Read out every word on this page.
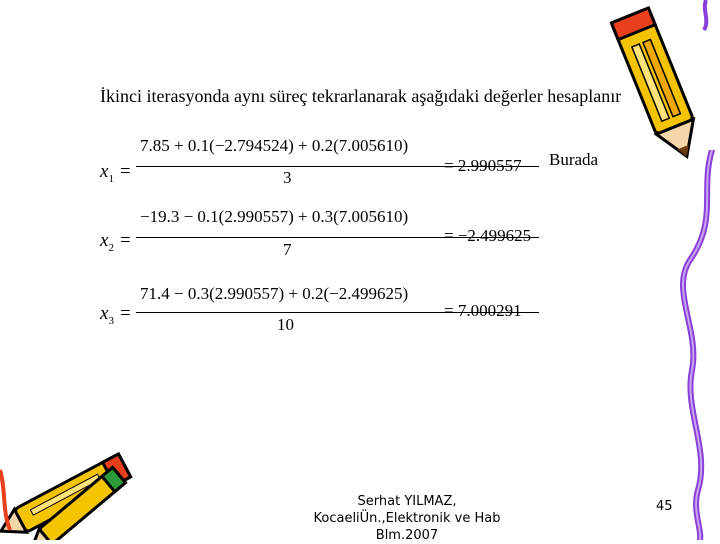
İkinci iterasyonda aynı süreç tekrarlanarak aşağıdaki değerler hesaplanır
$x_1$ =
7.85 + 0.1(−2.794524) + 0.2(7.005610)
3
= 2.990557 Burada
$x_2$ =
−19.3 − 0.1(2.990557) + 0.3(7.005610)
7
= −2.499625
$x_3$ =
71.4 − 0.3(2.990557) + 0.2(−2.499625)
10
= 7.000291
Serhat YILMAZ,
KocaeliÜn.,Elektronik ve Hab
Blm.2007
45
